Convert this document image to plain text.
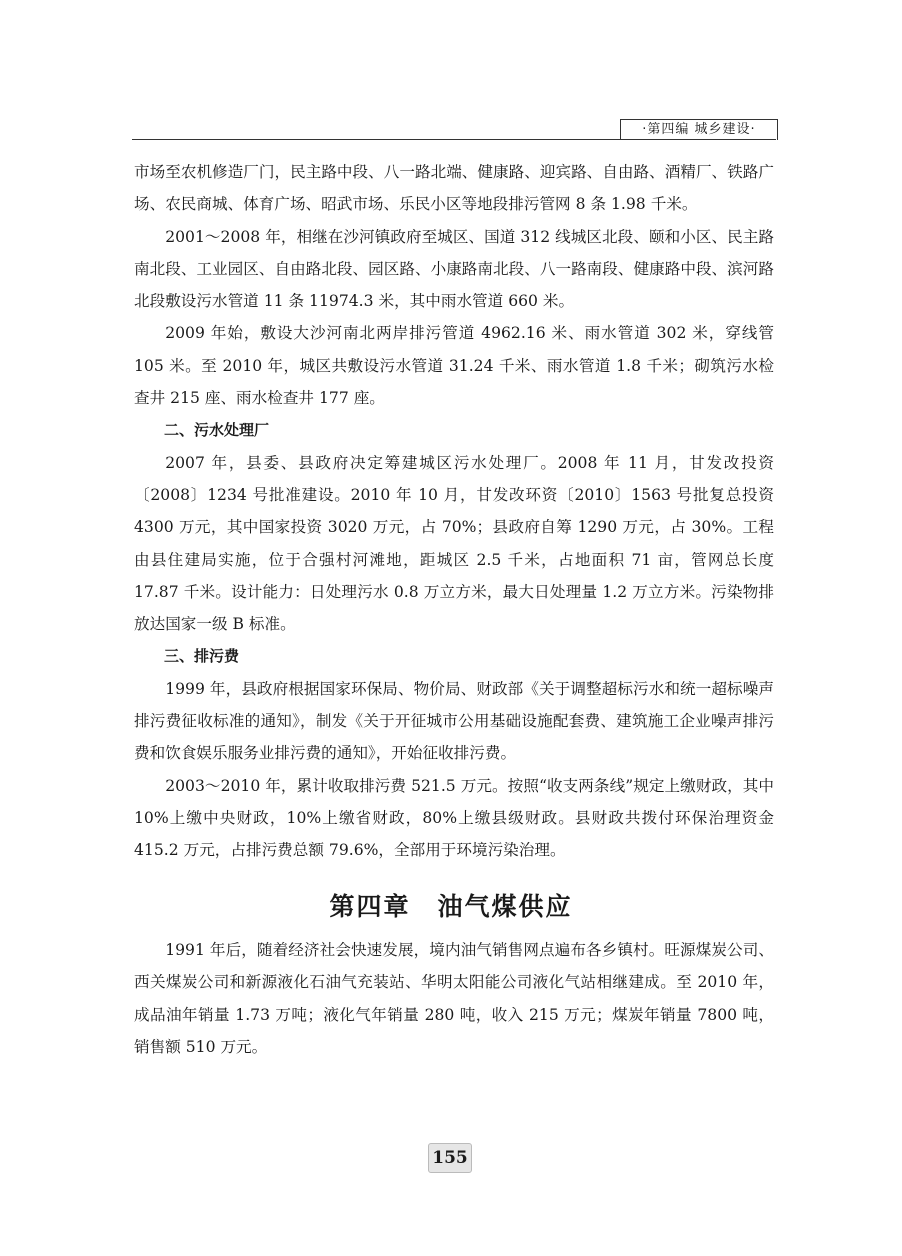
·第四编 城乡建设·

市场至农机修造厂门，民主路中段、八一路北端、健康路、迎宾路、自由路、酒精厂、铁路广场、农民商城、体育广场、昭武市场、乐民小区等地段排污管网 8 条 1.98 千米。

2001～2008 年，相继在沙河镇政府至城区、国道 312 线城区北段、颐和小区、民主路南北段、工业园区、自由路北段、园区路、小康路南北段、八一路南段、健康路中段、滨河路北段敷设污水管道 11 条 11974.3 米，其中雨水管道 660 米。

2009 年始，敷设大沙河南北两岸排污管道 4962.16 米、雨水管道 302 米，穿线管 105 米。至 2010 年，城区共敷设污水管道 31.24 千米、雨水管道 1.8 千米；砌筑污水检查井 215 座、雨水检查井 177 座。

二、污水处理厂

2007 年，县委、县政府决定筹建城区污水处理厂。2008 年 11 月，甘发改投资〔2008〕1234 号批准建设。2010 年 10 月，甘发改环资〔2010〕1563 号批复总投资 4300 万元，其中国家投资 3020 万元，占 70%；县政府自筹 1290 万元，占 30%。工程由县住建局实施，位于合强村河滩地，距城区 2.5 千米，占地面积 71 亩，管网总长度 17.87 千米。设计能力：日处理污水 0.8 万立方米，最大日处理量 1.2 万立方米。污染物排放达国家一级 B 标准。

三、排污费

1999 年，县政府根据国家环保局、物价局、财政部《关于调整超标污水和统一超标噪声排污费征收标准的通知》，制发《关于开征城市公用基础设施配套费、建筑施工企业噪声排污费和饮食娱乐服务业排污费的通知》，开始征收排污费。

2003～2010 年，累计收取排污费 521.5 万元。按照“收支两条线”规定上缴财政，其中 10%上缴中央财政，10%上缴省财政，80%上缴县级财政。县财政共拨付环保治理资金 415.2 万元，占排污费总额 79.6%，全部用于环境污染治理。

第四章　油气煤供应

1991 年后，随着经济社会快速发展，境内油气销售网点遍布各乡镇村。旺源煤炭公司、西关煤炭公司和新源液化石油气充装站、华明太阳能公司液化气站相继建成。至 2010 年，成品油年销量 1.73 万吨；液化气年销量 280 吨，收入 215 万元；煤炭年销量 7800 吨，销售额 510 万元。

155
